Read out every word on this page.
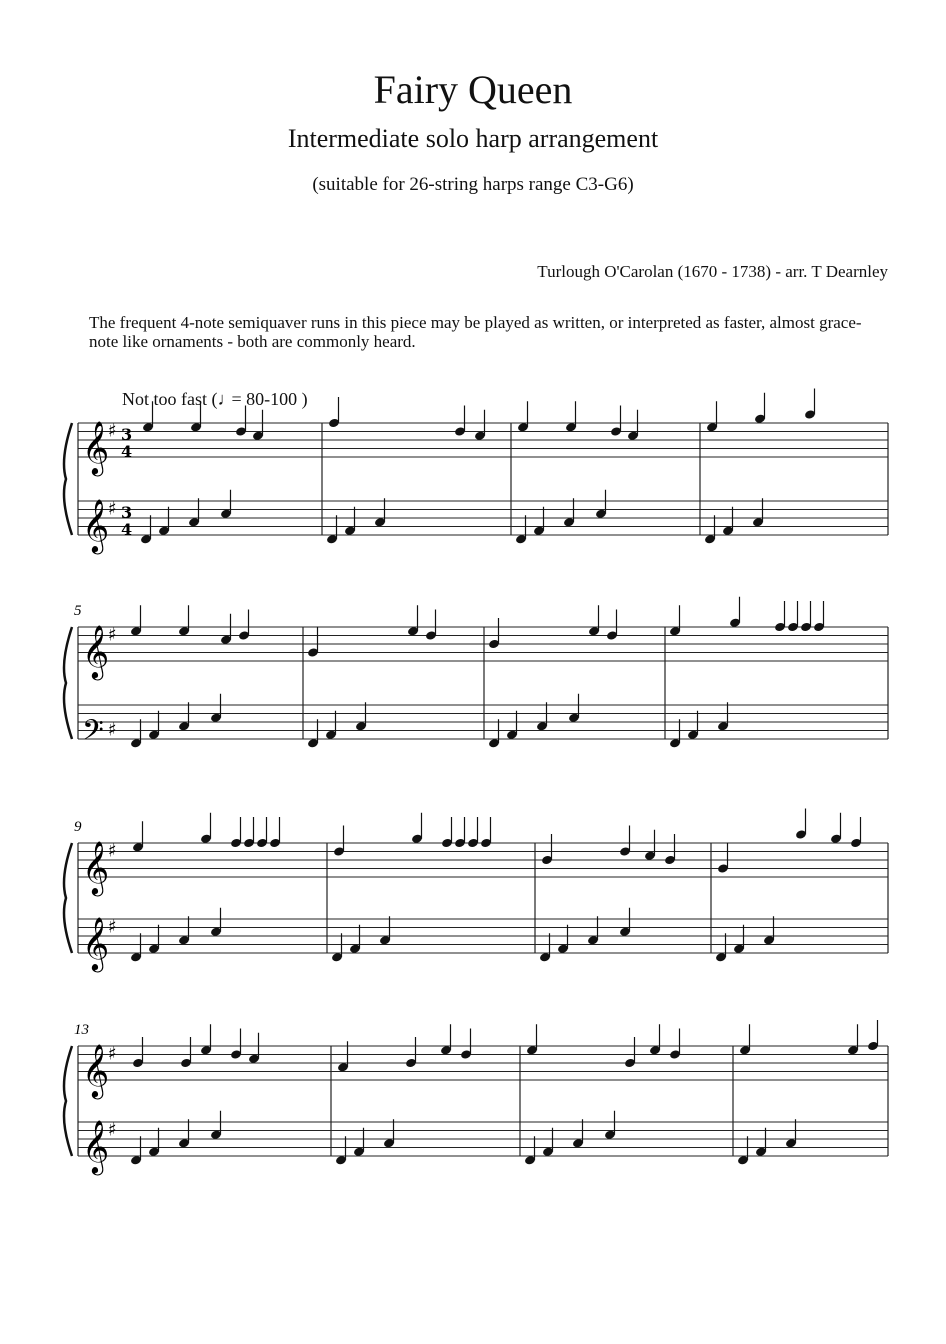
Fairy Queen
Intermediate solo harp arrangement
(suitable for 26-string harps range C3-G6)
Turlough O'Carolan (1670 - 1738) - arr. T Dearnley
The frequent 4-note semiquaver runs in this piece may be played as written, or interpreted as faster, almost grace-note like ornaments - both are commonly heard.
Not too fast (♩= 80-100 )
𝄞
♯ 3
4
𝄞
♯ 3
4
5
𝄞
♯
𝄢 ♯
9
𝄞
♯
𝄞
♯
13
𝄞
♯
𝄞
♯
